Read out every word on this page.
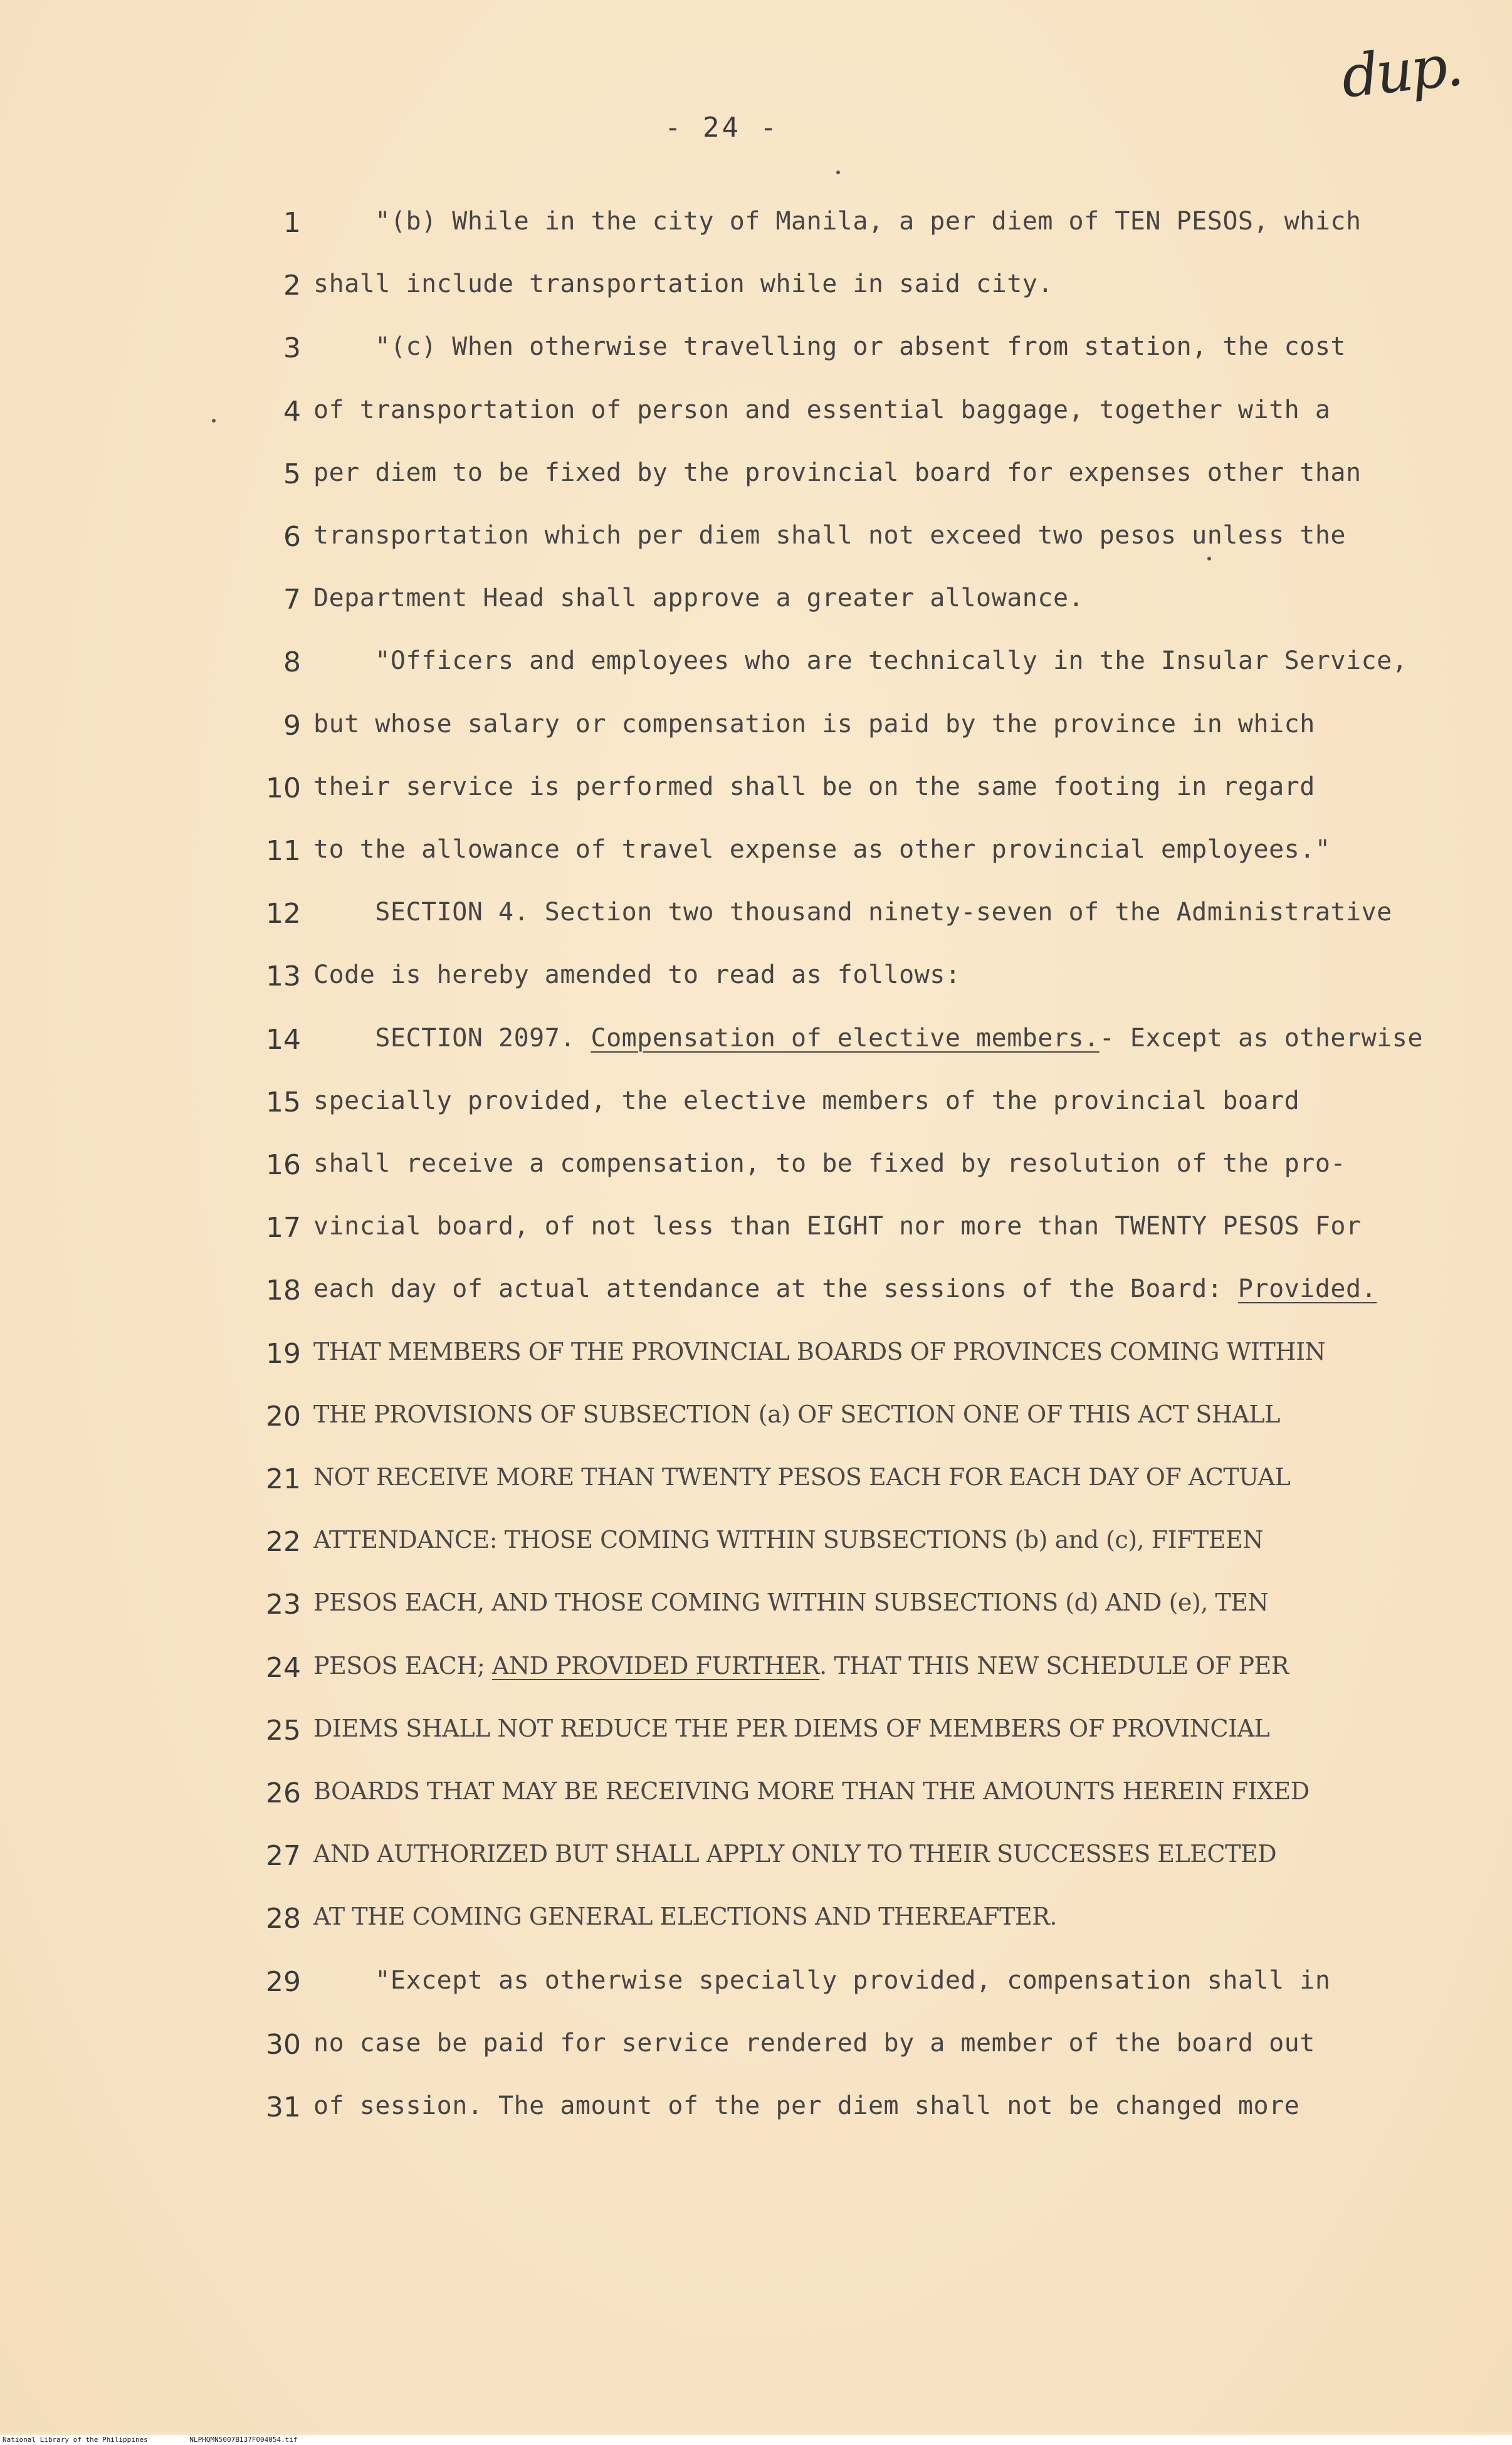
dup.
- 24 -
1 "(b) While in the city of Manila, a per diem of TEN PESOS, which
2 shall include transportation while in said city.
3 "(c) When otherwise travelling or absent from station, the cost
4 of transportation of person and essential baggage, together with a
5 per diem to be fixed by the provincial board for expenses other than
6 transportation which per diem shall not exceed two pesos unless the
7 Department Head shall approve a greater allowance.
8 "Officers and employees who are technically in the Insular Service,
9 but whose salary or compensation is paid by the province in which
10 their service is performed shall be on the same footing in regard
11 to the allowance of travel expense as other provincial employees."
12 SECTION 4. Section two thousand ninety-seven of the Administrative
13 Code is hereby amended to read as follows:
14 SECTION 2097. Compensation of elective members.- Except as otherwise
15 specially provided, the elective members of the provincial board
16 shall receive a compensation, to be fixed by resolution of the pro-
17 vincial board, of not less than EIGHT nor more than TWENTY PESOS For
18 each day of actual attendance at the sessions of the Board: Provided.
19 THAT MEMBERS OF THE PROVINCIAL BOARDS OF PROVINCES COMING WITHIN
20 THE PROVISIONS OF SUBSECTION (a) OF SECTION ONE OF THIS ACT SHALL
21 NOT RECEIVE MORE THAN TWENTY PESOS EACH FOR EACH DAY OF ACTUAL
22 ATTENDANCE: THOSE COMING WITHIN SUBSECTIONS (b) and (c), FIFTEEN
23 PESOS EACH, AND THOSE COMING WITHIN SUBSECTIONS (d) AND (e), TEN
24 PESOS EACH; AND PROVIDED FURTHER. THAT THIS NEW SCHEDULE OF PER
25 DIEMS SHALL NOT REDUCE THE PER DIEMS OF MEMBERS OF PROVINCIAL
26 BOARDS THAT MAY BE RECEIVING MORE THAN THE AMOUNTS HEREIN FIXED
27 AND AUTHORIZED BUT SHALL APPLY ONLY TO THEIR SUCCESSES ELECTED
28 AT THE COMING GENERAL ELECTIONS AND THEREAFTER.
29 "Except as otherwise specially provided, compensation shall in
30 no case be paid for service rendered by a member of the board out
31 of session. The amount of the per diem shall not be changed more
National Library of the Philippines	NLPHQMN5007B137F004054.tif
